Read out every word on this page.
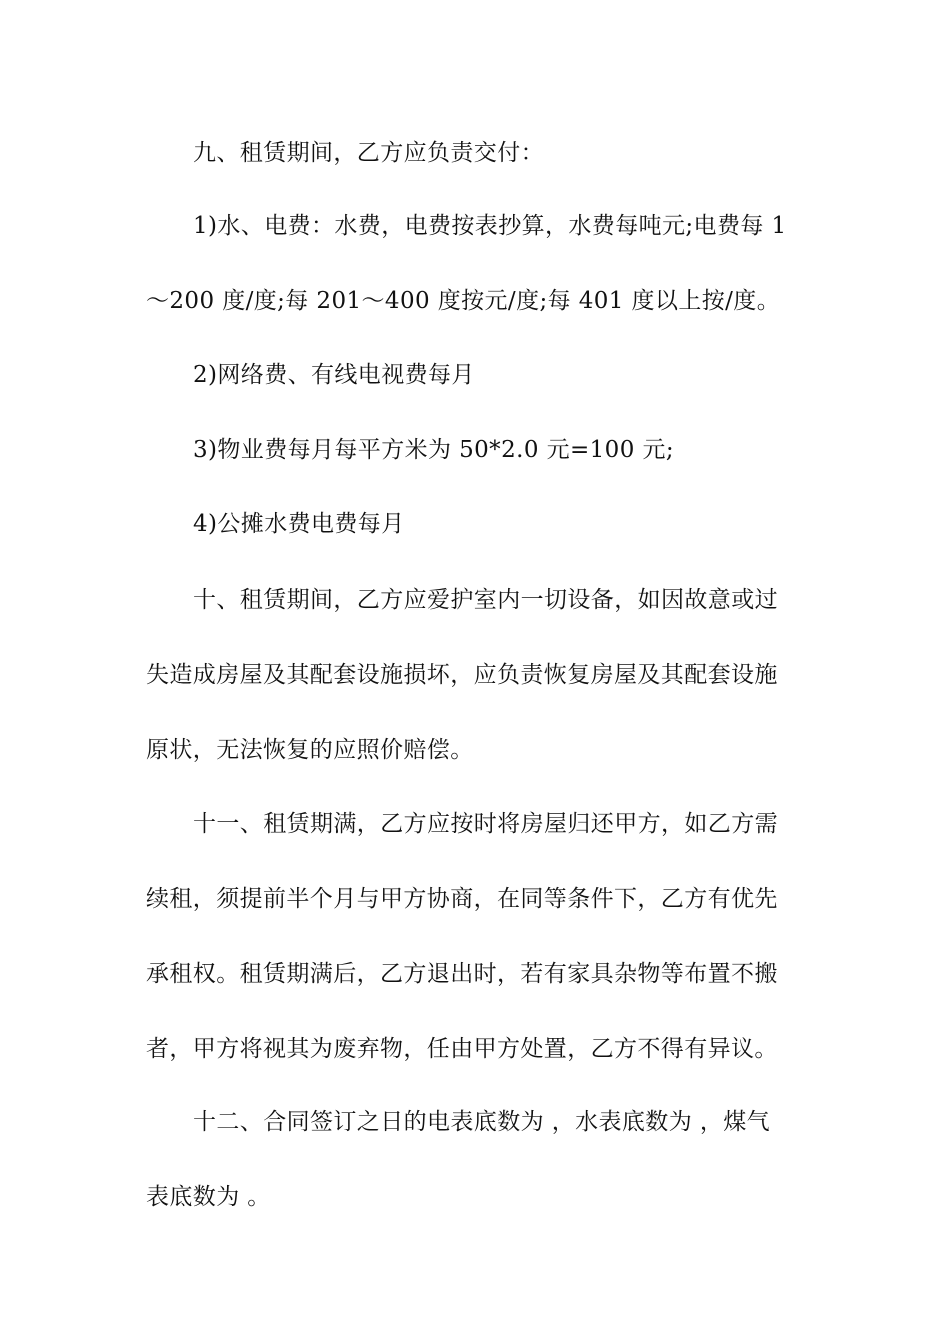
九、租赁期间，乙方应负责交付：
1)水、电费：水费，电费按表抄算，水费每吨元;电费每 1
～200 度/度;每 201～400 度按元/度;每 401 度以上按/度。
2)网络费、有线电视费每月
3)物业费每月每平方米为 50*2.0 元=100 元;
4)公摊水费电费每月
十、租赁期间，乙方应爱护室内一切设备，如因故意或过
失造成房屋及其配套设施损坏，应负责恢复房屋及其配套设施
原状，无法恢复的应照价赔偿。
十一、租赁期满，乙方应按时将房屋归还甲方，如乙方需
续租，须提前半个月与甲方协商，在同等条件下，乙方有优先
承租权。租赁期满后，乙方退出时，若有家具杂物等布置不搬
者，甲方将视其为废弃物，任由甲方处置，乙方不得有异议。
十二、合同签订之日的电表底数为 ，水表底数为 ，煤气
表底数为 。
